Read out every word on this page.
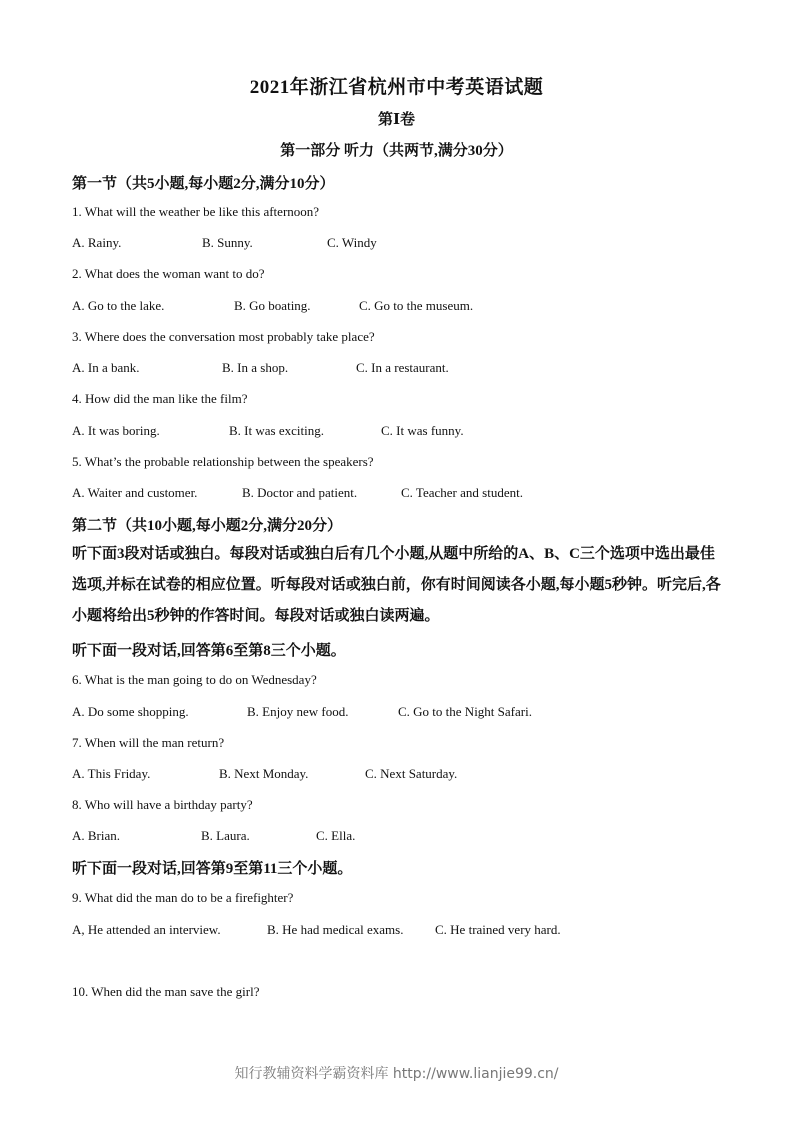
2021年浙江省杭州市中考英语试题
第Ⅰ卷
第一部分 听力（共两节,满分30分）
第一节（共5小题,每小题2分,满分10分）
1. What will the weather be like this afternoon?
A. Rainy.	B. Sunny.	C. Windy
2. What does the woman want to do?
A. Go to the lake.	B. Go boating.	C. Go to the museum.
3. Where does the conversation most probably take place?
A. In a bank.	B. In a shop.	C. In a restaurant.
4. How did the man like the film?
A. It was boring.	B. It was exciting.	C. It was funny.
5. What’s the probable relationship between the speakers?
A. Waiter and customer.	B. Doctor and patient.	C. Teacher and student.
第二节（共10小题,每小题2分,满分20分）
听下面3段对话或独白。每段对话或独白后有几个小题,从题中所给的A、B、C三个选项中选出最佳选项,并标在试卷的相应位置。听每段对话或独白前，你有时间阅读各小题,每小题5秒钟。听完后,各小题将给出5秒钟的作答时间。每段对话或独白读两遍。
听下面一段对话,回答第6至第8三个小题。
6. What is the man going to do on Wednesday?
A. Do some shopping.	B. Enjoy new food.	C. Go to the Night Safari.
7. When will the man return?
A. This Friday.	B. Next Monday.	C. Next Saturday.
8. Who will have a birthday party?
A. Brian.	B. Laura.	C. Ella.
听下面一段对话,回答第9至第11三个小题。
9. What did the man do to be a firefighter?
A, He attended an interview.	B. He had medical exams. C. He trained very hard.
10. When did the man save the girl?
知行教辅资料学霸资料库 http://www.lianjie99.cn/
